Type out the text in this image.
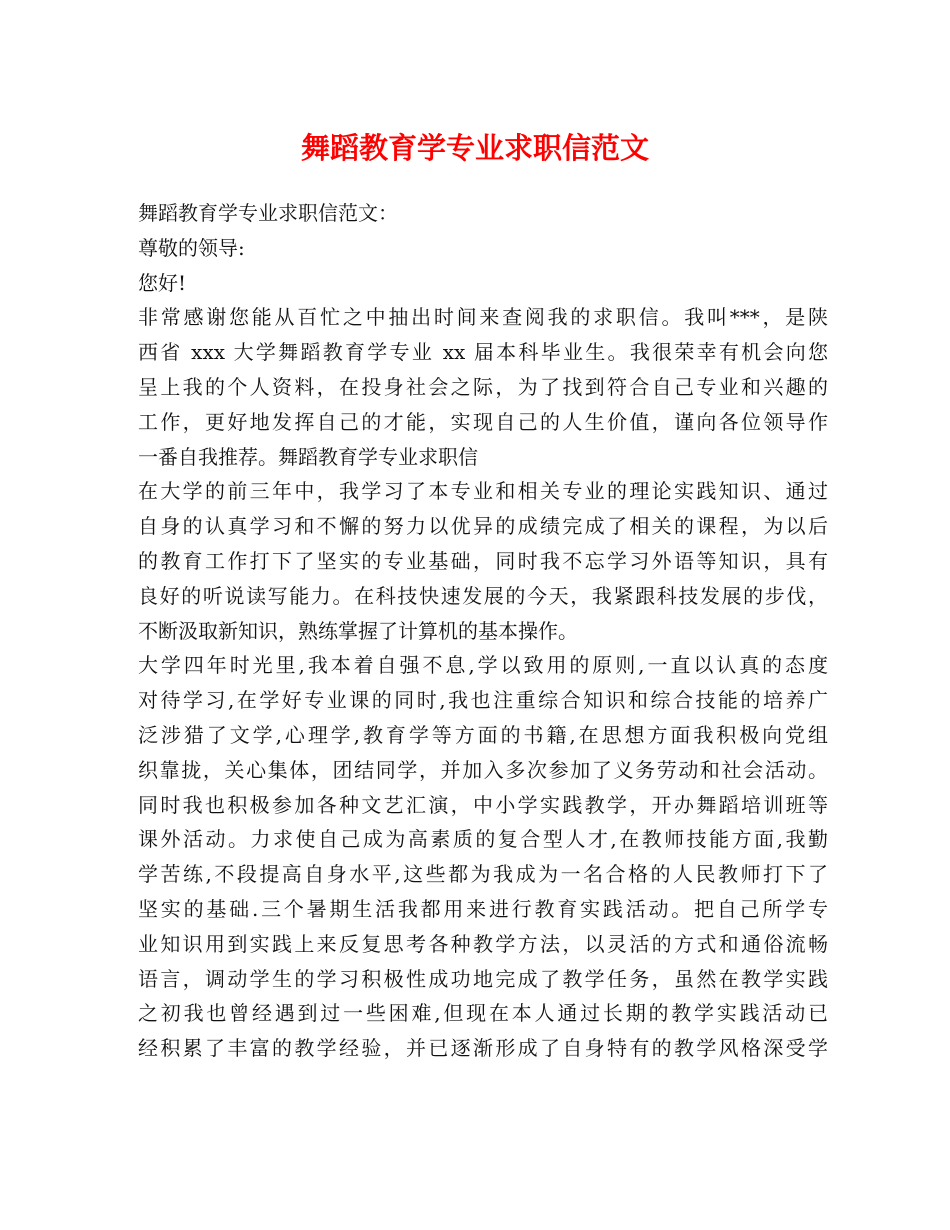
舞蹈教育学专业求职信范文
舞蹈教育学专业求职信范文：
尊敬的领导:
您好!
非常感谢您能从百忙之中抽出时间来查阅我的求职信。我叫***，是陕
西省 xxx 大学舞蹈教育学专业 xx 届本科毕业生。我很荣幸有机会向您
呈上我的个人资料，在投身社会之际，为了找到符合自己专业和兴趣的
工作，更好地发挥自己的才能，实现自己的人生价值，谨向各位领导作
一番自我推荐。舞蹈教育学专业求职信
在大学的前三年中，我学习了本专业和相关专业的理论实践知识、通过
自身的认真学习和不懈的努力以优异的成绩完成了相关的课程，为以后
的教育工作打下了坚实的专业基础，同时我不忘学习外语等知识，具有
良好的听说读写能力。在科技快速发展的今天，我紧跟科技发展的步伐，
不断汲取新知识，熟练掌握了计算机的基本操作。
大学四年时光里,我本着自强不息,学以致用的原则,一直以认真的态度
对待学习,在学好专业课的同时,我也注重综合知识和综合技能的培养广
泛涉猎了文学,心理学,教育学等方面的书籍,在思想方面我积极向党组
织靠拢，关心集体，团结同学，并加入多次参加了义务劳动和社会活动。
同时我也积极参加各种文艺汇演，中小学实践教学，开办舞蹈培训班等
课外活动。力求使自己成为高素质的复合型人才,在教师技能方面,我勤
学苦练,不段提高自身水平,这些都为我成为一名合格的人民教师打下了
坚实的基础.三个暑期生活我都用来进行教育实践活动。把自己所学专
业知识用到实践上来反复思考各种教学方法，以灵活的方式和通俗流畅
语言，调动学生的学习积极性成功地完成了教学任务，虽然在教学实践
之初我也曾经遇到过一些困难,但现在本人通过长期的教学实践活动已
经积累了丰富的教学经验，并已逐渐形成了自身特有的教学风格深受学
